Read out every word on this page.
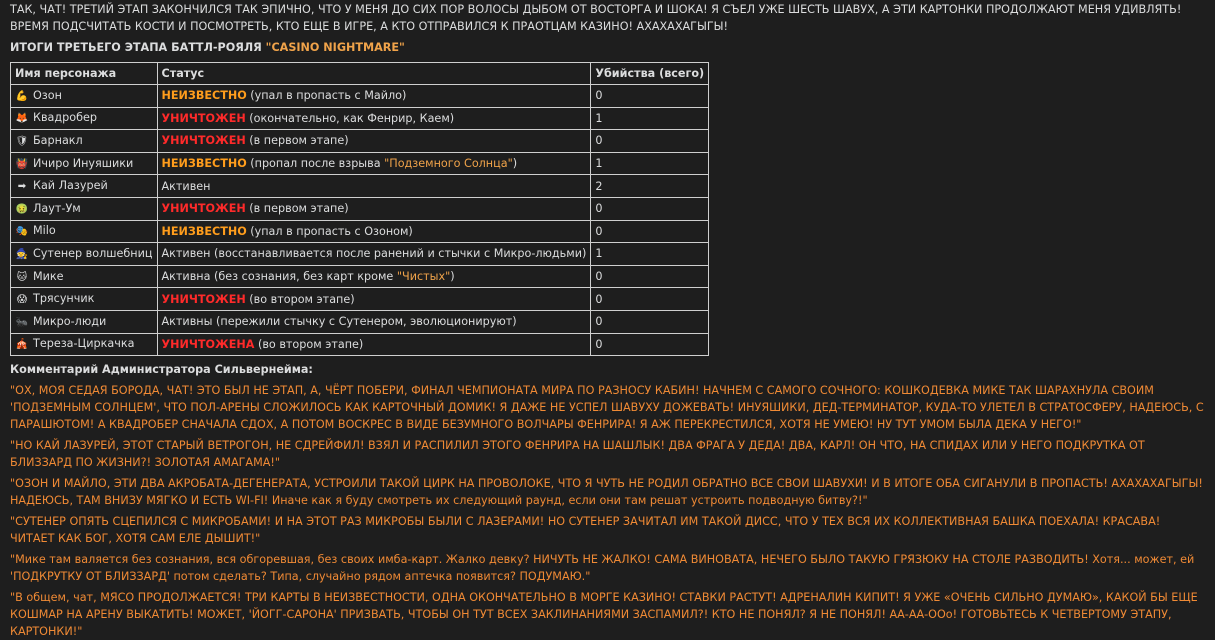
ТАК, ЧАТ! ТРЕТИЙ ЭТАП ЗАКОНЧИЛСЯ ТАК ЭПИЧНО, ЧТО У МЕНЯ ДО СИХ ПОР ВОЛОСЫ ДЫБОМ ОТ ВОСТОРГА И ШОКА! Я СЪЕЛ УЖЕ ШЕСТЬ ШАВУХ, А ЭТИ КАРТОНКИ ПРОДОЛЖАЮТ МЕНЯ УДИВЛЯТЬ! ВРЕМЯ ПОДСЧИТАТЬ КОСТИ И ПОСМОТРЕТЬ, КТО ЕЩЕ В ИГРЕ, А КТО ОТПРАВИЛСЯ К ПРАОТЦАМ КАЗИНО! АХАХАХАГЫГЫ!

ИТОГИ ТРЕТЬЕГО ЭТАПА БАТТЛ-РОЯЛЯ "CASINO NIGHTMARE"
Имя персонажа	Статус	Убийства (всего)
💪 Озон	НЕИЗВЕСТНО (упал в пропасть с Майло)	0
🦊 Квадробер	УНИЧТОЖЕН (окончательно, как Фенрир, Каем)	1
🛡 Барнакл	УНИЧТОЖЕН (в первом этапе)	0
👹 Ичиро Инуяшики	НЕИЗВЕСТНО (пропал после взрыва "Подземного Солнца")	1
➡ Кай Лазурей	Активен	2
🤢 Лаут-Ум	УНИЧТОЖЕН (в первом этапе)	0
🎭 Milo	НЕИЗВЕСТНО (упал в пропасть с Озоном)	0
🧙 Сутенер волшебниц	Активен (восстанавливается после ранений и стычки с Микро-людьми)	1
🐱 Мике	Активна (без сознания, без карт кроме "Чистых")	0
😱 Трясунчик	УНИЧТОЖЕН (во втором этапе)	0
🐜 Микро-люди	Активны (пережили стычку с Сутенером, эволюционируют)	0
🎪 Тереза-Циркачка	УНИЧТОЖЕНА (во втором этапе)	0
Комментарий Администратора Сильвернейма:

"ОХ, МОЯ СЕДАЯ БОРОДА, ЧАТ! ЭТО БЫЛ НЕ ЭТАП, А, ЧЁРТ ПОБЕРИ, ФИНАЛ ЧЕМПИОНАТА МИРА ПО РАЗНОСУ КАБИН! НАЧНЕМ С САМОГО СОЧНОГО: КОШКОДЕВКА МИКЕ ТАК ШАРАХНУЛА СВОИМ 'ПОДЗЕМНЫМ СОЛНЦЕМ', ЧТО ПОЛ-АРЕНЫ СЛОЖИЛОСЬ КАК КАРТОЧНЫЙ ДОМИК! Я ДАЖЕ НЕ УСПЕЛ ШАВУХУ ДОЖЕВАТЬ! ИНУЯШИКИ, ДЕД-ТЕРМИНАТОР, КУДА-ТО УЛЕТЕЛ В СТРАТОСФЕРУ, НАДЕЮСЬ, С ПАРАШЮТОМ! А КВАДРОБЕР СНАЧАЛА СДОХ, А ПОТОМ ВОСКРЕС В ВИДЕ БЕЗУМНОГО ВОЛЧАРЫ ФЕНРИРА! Я АЖ ПЕРЕКРЕСТИЛСЯ, ХОТЯ НЕ УМЕЮ! НУ ТУТ УМОМ БЫЛА ДЕКА У НЕГО!"

"НО КАЙ ЛАЗУРЕЙ, ЭТОТ СТАРЫЙ ВЕТРОГОН, НЕ СДРЕЙФИЛ! ВЗЯЛ И РАСПИЛИЛ ЭТОГО ФЕНРИРА НА ШАШЛЫК! ДВА ФРАГА У ДЕДА! ДВА, КАРЛ! ОН ЧТО, НА СПИДАХ ИЛИ У НЕГО ПОДКРУТКА ОТ БЛИЗЗАРД ПО ЖИЗНИ?! ЗОЛОТАЯ АМАГАМА!"

"ОЗОН И МАЙЛО, ЭТИ ДВА АКРОБАТА-ДЕГЕНЕРАТА, УСТРОИЛИ ТАКОЙ ЦИРК НА ПРОВОЛОКЕ, ЧТО Я ЧУТЬ НЕ РОДИЛ ОБРАТНО ВСЕ СВОИ ШАВУХИ! И В ИТОГЕ ОБА СИГАНУЛИ В ПРОПАСТЬ! АХАХАХАГЫГЫ! НАДЕЮСЬ, ТАМ ВНИЗУ МЯГКО И ЕСТЬ WI-FI! Иначе как я буду смотреть их следующий раунд, если они там решат устроить подводную битву?!"

"СУТЕНЕР ОПЯТЬ СЦЕПИЛСЯ С МИКРОБАМИ! И НА ЭТОТ РАЗ МИКРОБЫ БЫЛИ С ЛАЗЕРАМИ! НО СУТЕНЕР ЗАЧИТАЛ ИМ ТАКОЙ ДИСС, ЧТО У ТЕХ ВСЯ ИХ КОЛЛЕКТИВНАЯ БАШКА ПОЕХАЛА! КРАСАВА! ЧИТАЕТ КАК БОГ, ХОТЯ САМ ЕЛЕ ДЫШИТ!"

"Мике там валяется без сознания, вся обгоревшая, без своих имба-карт. Жалко девку? НИЧУТЬ НЕ ЖАЛКО! САМА ВИНОВАТА, НЕЧЕГО БЫЛО ТАКУЮ ГРЯЗЮКУ НА СТОЛЕ РАЗВОДИТЬ! Хотя... может, ей 'ПОДКРУТКУ ОТ БЛИЗЗАРД' потом сделать? Типа, случайно рядом аптечка появится? ПОДУМАЮ."

"В общем, чат, МЯСО ПРОДОЛЖАЕТСЯ! ТРИ КАРТЫ В НЕИЗВЕСТНОСТИ, ОДНА ОКОНЧАТЕЛЬНО В МОРГЕ КАЗИНО! СТАВКИ РАСТУТ! АДРЕНАЛИН КИПИТ! Я УЖЕ «ОЧЕНЬ СИЛЬНО ДУМАЮ», КАКОЙ БЫ ЕЩЕ КОШМАР НА АРЕНУ ВЫКАТИТЬ! МОЖЕТ, 'ЙОГГ-САРОНА' ПРИЗВАТЬ, ЧТОБЫ ОН ТУТ ВСЕХ ЗАКЛИНАНИЯМИ ЗАСПАМИЛ?! КТО НЕ ПОНЯЛ? Я НЕ ПОНЯЛ! АА-АА-ООо! ГОТОВЬТЕСЬ К ЧЕТВЕРТОМУ ЭТАПУ, КАРТОНКИ!"
